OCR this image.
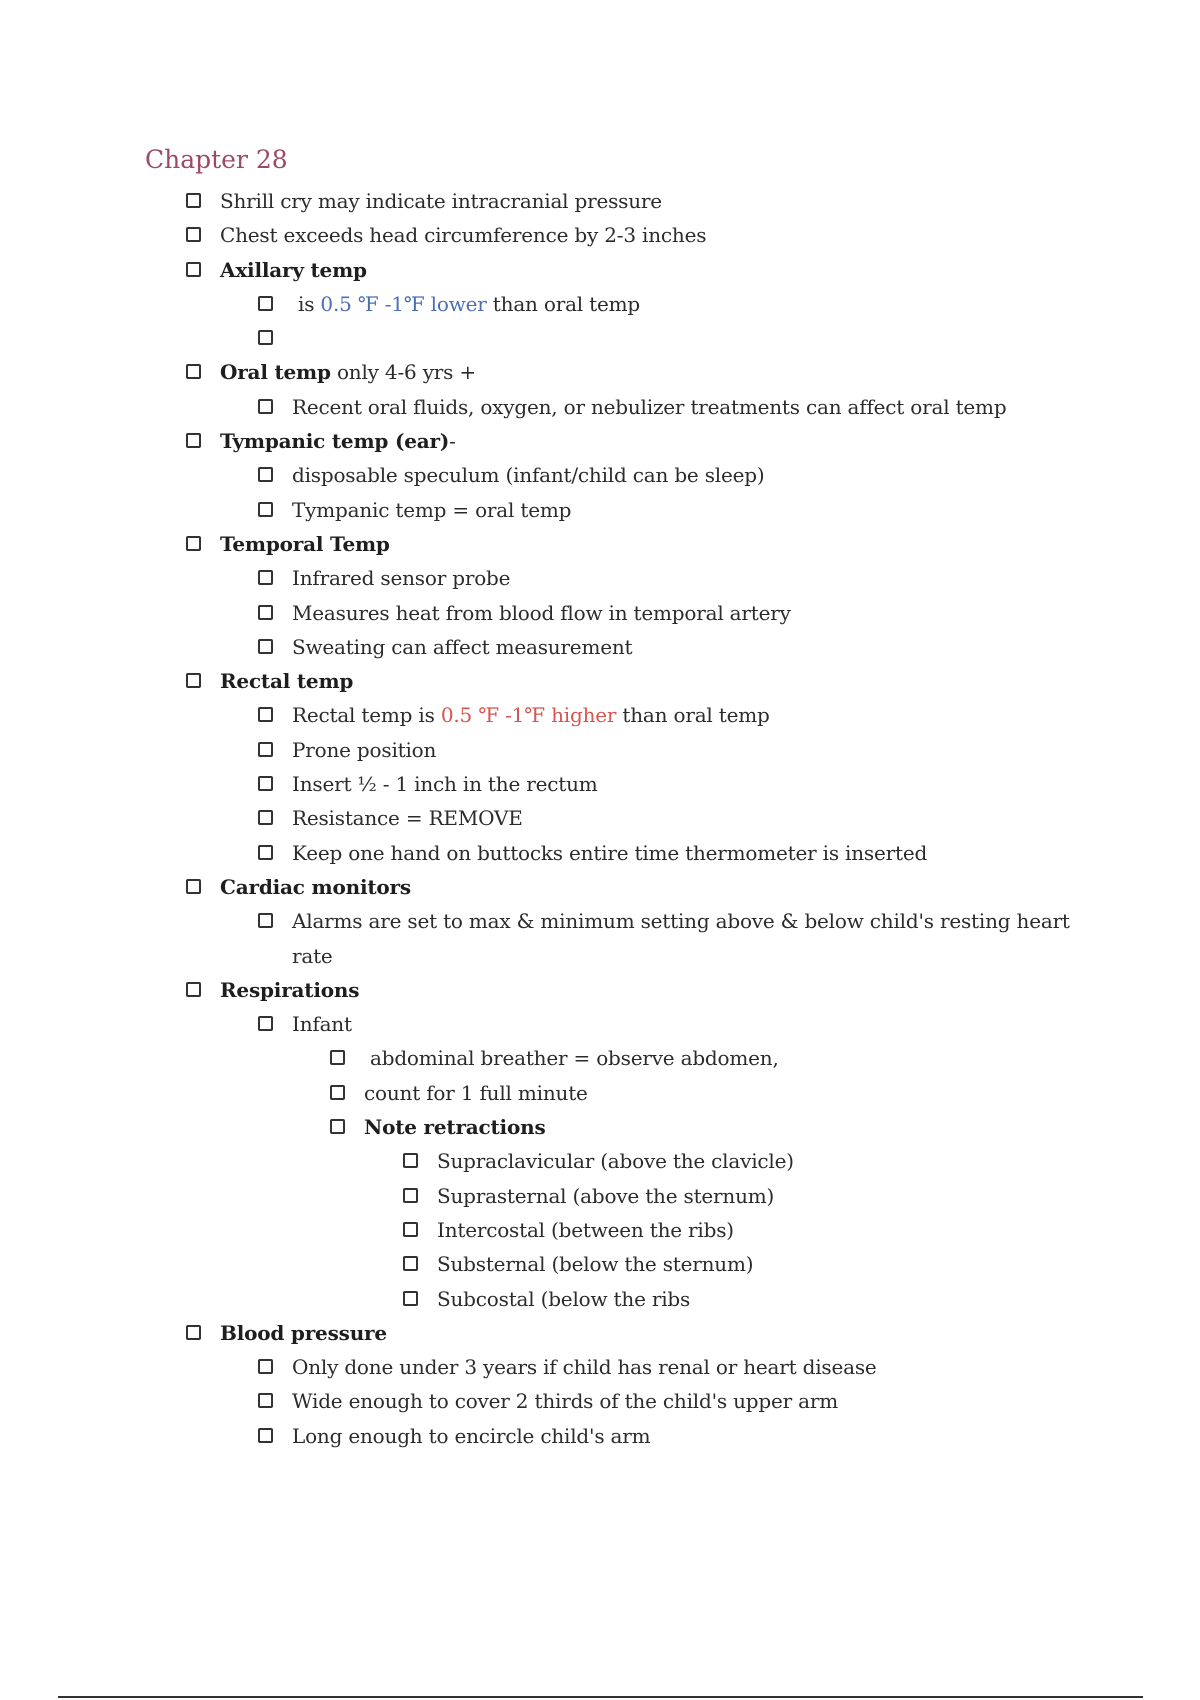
Chapter 28
Shrill cry may indicate intracranial pressure
Chest exceeds head circumference by 2-3 inches
Axillary temp
is 0.5 ℉ -1℉ lower than oral temp

Oral temp only 4-6 yrs +
Recent oral fluids, oxygen, or nebulizer treatments can affect oral temp
Tympanic temp (ear)-
disposable speculum (infant/child can be sleep)
Tympanic temp = oral temp
Temporal Temp
Infrared sensor probe
Measures heat from blood flow in temporal artery
Sweating can affect measurement
Rectal temp
Rectal temp is 0.5 ℉ -1℉ higher than oral temp
Prone position
Insert ½ - 1 inch in the rectum
Resistance = REMOVE
Keep one hand on buttocks entire time thermometer is inserted
Cardiac monitors
Alarms are set to max & minimum setting above & below child's resting heart rate
Respirations
Infant
abdominal breather = observe abdomen,
count for 1 full minute
Note retractions
Supraclavicular (above the clavicle)
Suprasternal (above the sternum)
Intercostal (between the ribs)
Substernal (below the sternum)
Subcostal (below the ribs
Blood pressure
Only done under 3 years if child has renal or heart disease
Wide enough to cover 2 thirds of the child's upper arm
Long enough to encircle child's arm
